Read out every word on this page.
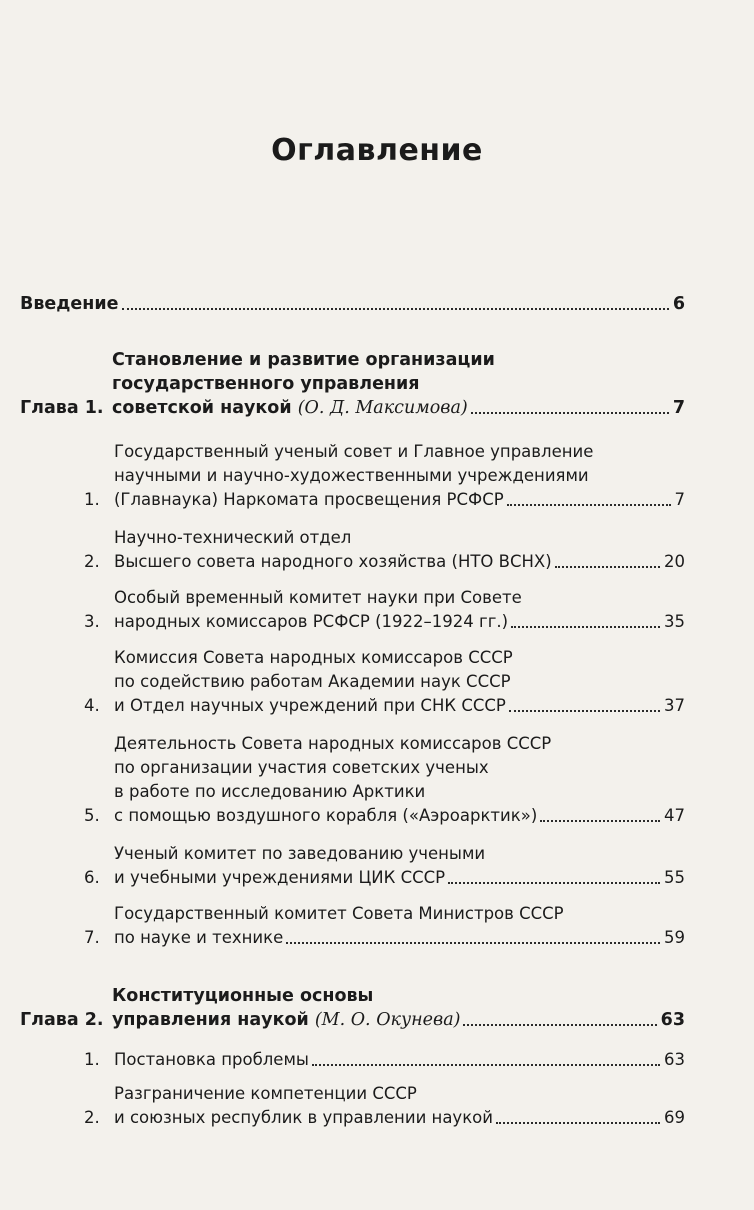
Оглавление
Введение	6
Глава 1.
Становление и развитие организации
государственного управления
советской наукой
(О. Д. Максимова)	7
1.
Государственный ученый совет и Главное управление
научными и научно-художественными учреждениями
(Главнаука) Наркомата просвещения РСФСР	7
2.
Научно-технический отдел
Высшего совета народного хозяйства (НТО ВСНХ)	20
3.
Особый временный комитет науки при Совете
народных комиссаров РСФСР (1922–1924 гг.)	35
4.
Комиссия Совета народных комиссаров СССР
по содействию работам Академии наук СССР
и Отдел научных учреждений при СНК СССР	37
5.
Деятельность Совета народных комиссаров СССР
по организации участия советских ученых
в работе по исследованию Арктики
с помощью воздушного корабля («Аэроарктик»)	47
6.
Ученый комитет по заведованию учеными
и учебными учреждениями ЦИК СССР	55
7.
Государственный комитет Совета Министров СССР
по науке и технике	59
Глава 2.
Конституционные основы
управления наукой
(М. О. Окунева)	63
1. Постановка проблемы	63
2.
Разграничение компетенции СССР
и союзных республик в управлении наукой	69
